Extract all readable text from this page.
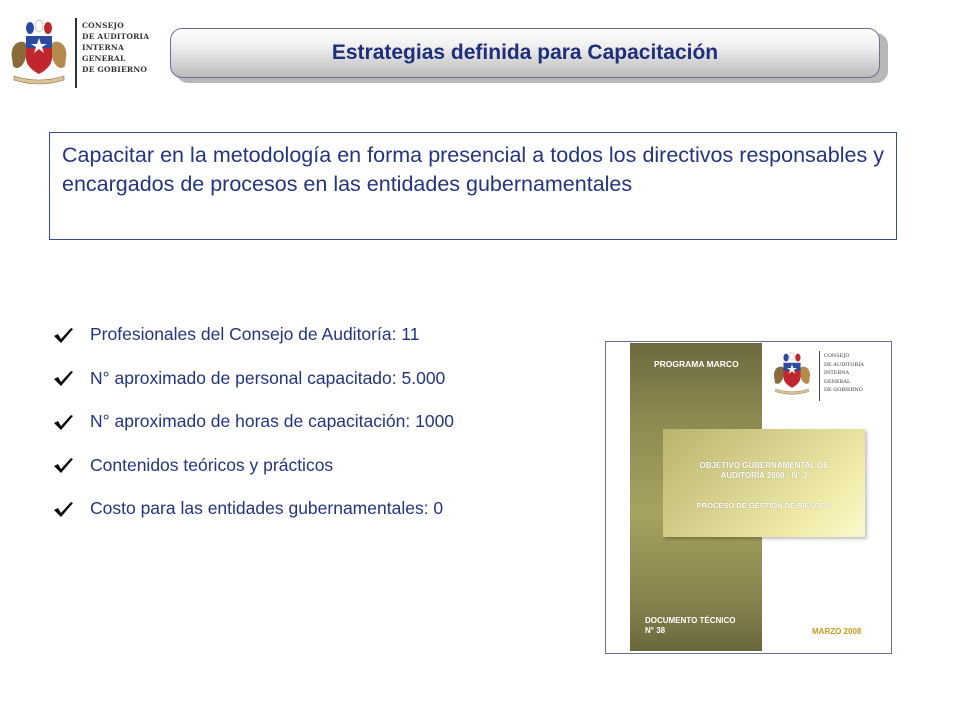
CONSEJO
DE AUDITORIA
INTERNA
GENERAL
DE GOBIERNO
Estrategias definida para Capacitación

Capacitar en la metodología en forma presencial a todos los directivos responsables y encargados de procesos en las entidades gubernamentales

Profesionales del Consejo de Auditoría: 11
N° aproximado de personal capacitado: 5.000
N° aproximado de horas de capacitación: 1000
Contenidos teóricos y prácticos
Costo para las entidades gubernamentales: 0
PROGRAMA MARCO
CONSEJO
DE AUDITORÍA
INTERNA
GENERAL
DE GOBIERNO
OBJETIVO GUBERNAMENTAL DE
AUDITORÍA 2008 - N° 3
PROCESO DE GESTIÓN DE RIESGOS
DOCUMENTO TÉCNICO
N° 38	MARZO 2008
